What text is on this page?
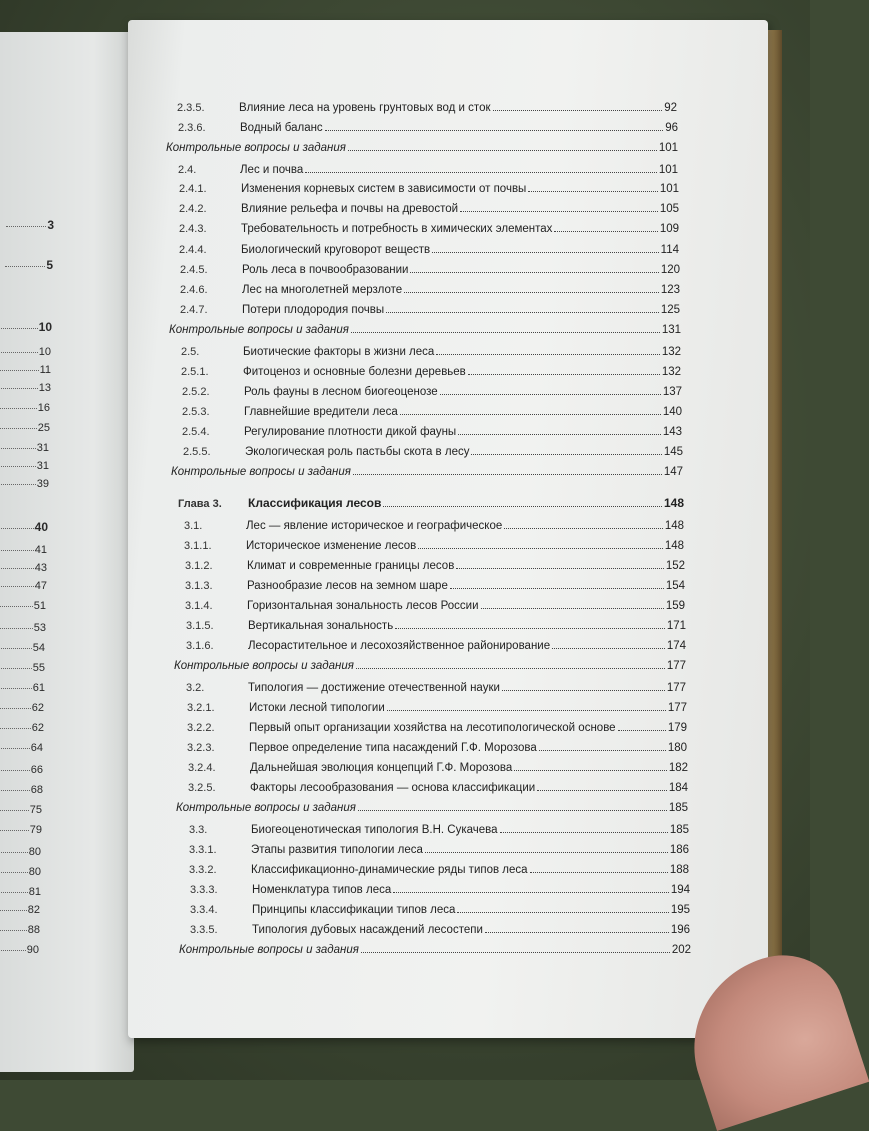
3
5
10
10
11
13
16
25
31
31
39
40
41
43
47
51
53
54
55
61
62
62
64
66
68
75
79
80
80
81
82
88
90
2.3.5.	Влияние леса на уровень грунтовых вод и сток	92
2.3.6.	Водный баланс	96
Контрольные вопросы и задания	101
2.4.	Лес и почва	101
2.4.1.	Изменения корневых систем в зависимости от почвы	101
2.4.2.	Влияние рельефа и почвы на древостой	105
2.4.3.	Требовательность и потребность в химических элементах	109
2.4.4.	Биологический круговорот веществ	114
2.4.5.	Роль леса в почвообразовании	120
2.4.6.	Лес на многолетней мерзлоте	123
2.4.7.	Потери плодородия почвы	125
Контрольные вопросы и задания	131
2.5.	Биотические факторы в жизни леса	132
2.5.1.	Фитоценоз и основные болезни деревьев	132
2.5.2.	Роль фауны в лесном биогеоценозе	137
2.5.3.	Главнейшие вредители леса	140
2.5.4.	Регулирование плотности дикой фауны	143
2.5.5.	Экологическая роль пастьбы скота в лесу	145
Контрольные вопросы и задания	147
Глава 3.	Классификация лесов	148
3.1.	Лес — явление историческое и географическое	148
3.1.1.	Историческое изменение лесов	148
3.1.2.	Климат и современные границы лесов	152
3.1.3.	Разнообразие лесов на земном шаре	154
3.1.4.	Горизонтальная зональность лесов России	159
3.1.5.	Вертикальная зональность	171
3.1.6.	Лесорастительное и лесохозяйственное районирование	174
Контрольные вопросы и задания	177
3.2.	Типология — достижение отечественной науки	177
3.2.1.	Истоки лесной типологии	177
3.2.2.	Первый опыт организации хозяйства на лесотипологической основе	179
3.2.3.	Первое определение типа насаждений Г.Ф. Морозова	180
3.2.4.	Дальнейшая эволюция концепций Г.Ф. Морозова	182
3.2.5.	Факторы лесообразования — основа классификации	184
Контрольные вопросы и задания	185
3.3.	Биогеоценотическая типология В.Н. Сукачева	185
3.3.1.	Этапы развития типологии леса	186
3.3.2.	Классификационно-динамические ряды типов леса	188
3.3.3.	Номенклатура типов леса	194
3.3.4.	Принципы классификации типов леса	195
3.3.5.	Типология дубовых насаждений лесостепи	196
Контрольные вопросы и задания	202
